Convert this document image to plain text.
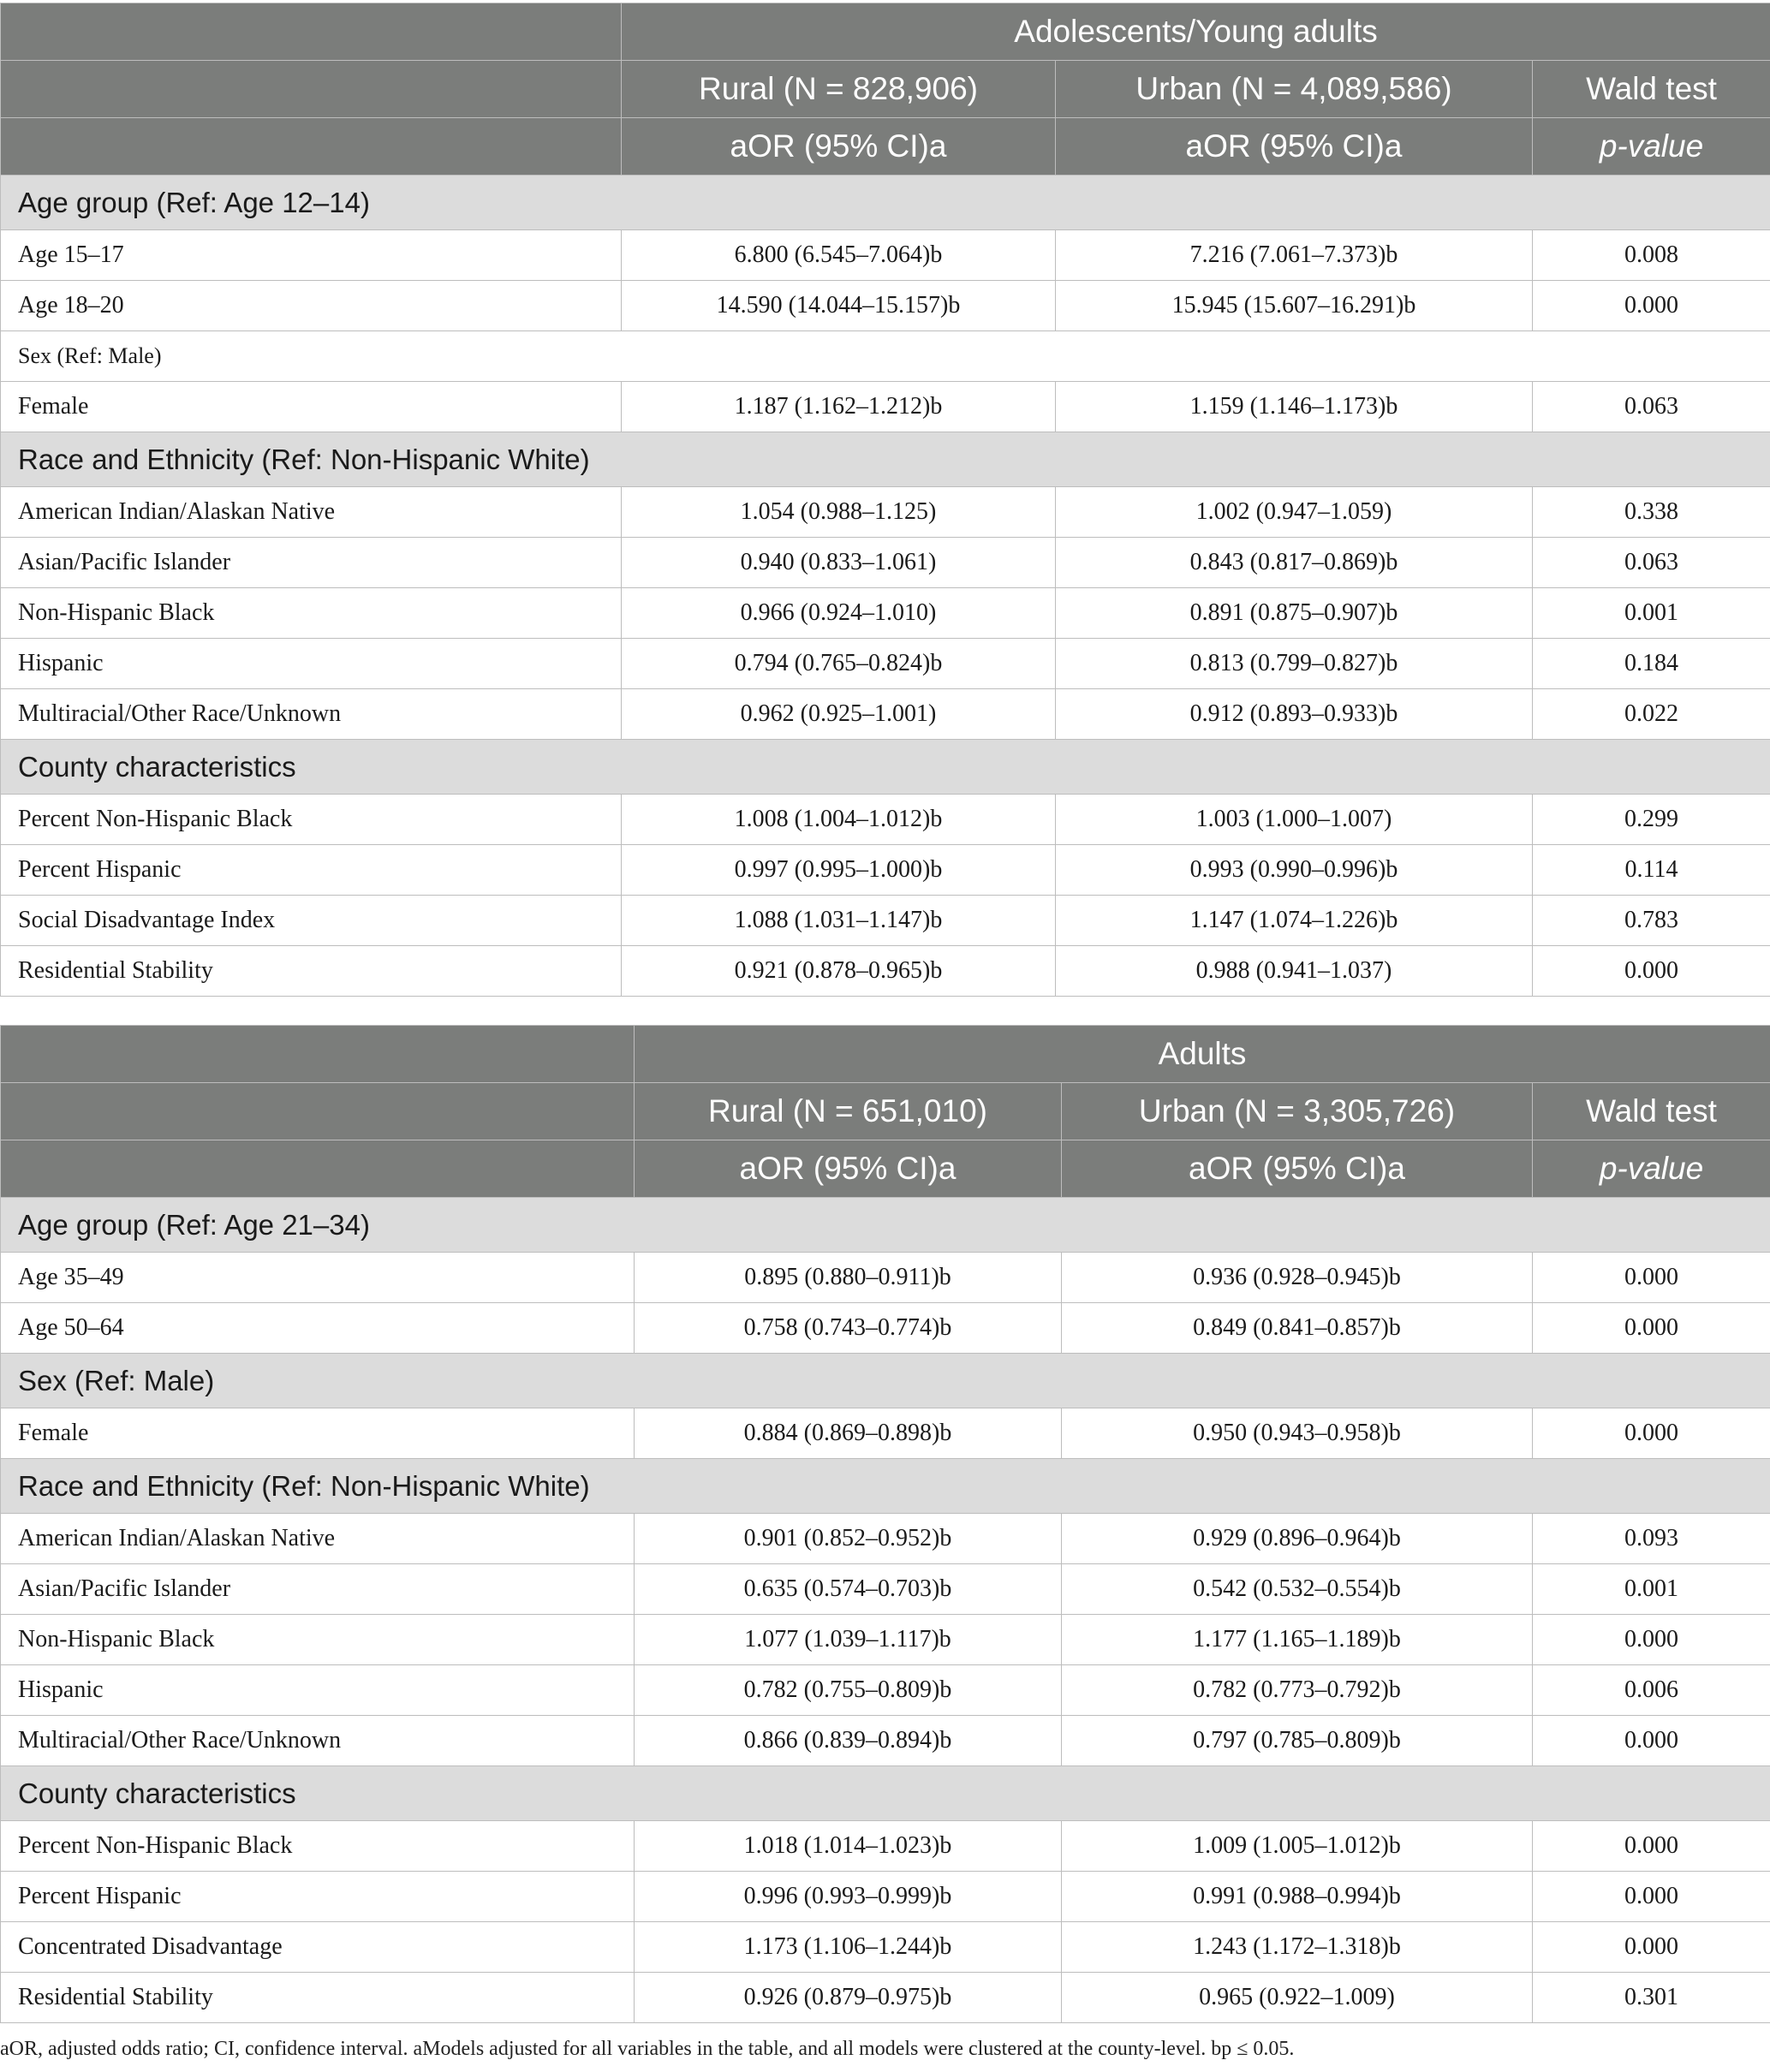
	Adolescents/Young adults		
	Rural (N = 828,906)	Urban (N = 4,089,586)	Wald test
	aOR (95% CI)a	aOR (95% CI)a	p-value
Age group (Ref: Age 12–14)			
Age 15–17	6.800 (6.545–7.064)b	7.216 (7.061–7.373)b	0.008
Age 18–20	14.590 (14.044–15.157)b	15.945 (15.607–16.291)b	0.000
Sex (Ref: Male)			
Female	1.187 (1.162–1.212)b	1.159 (1.146–1.173)b	0.063
Race and Ethnicity (Ref: Non-Hispanic White)			
American Indian/Alaskan Native	1.054 (0.988–1.125)	1.002 (0.947–1.059)	0.338
Asian/Pacific Islander	0.940 (0.833–1.061)	0.843 (0.817–0.869)b	0.063
Non-Hispanic Black	0.966 (0.924–1.010)	0.891 (0.875–0.907)b	0.001
Hispanic	0.794 (0.765–0.824)b	0.813 (0.799–0.827)b	0.184
Multiracial/Other Race/Unknown	0.962 (0.925–1.001)	0.912 (0.893–0.933)b	0.022
County characteristics			
Percent Non-Hispanic Black	1.008 (1.004–1.012)b	1.003 (1.000–1.007)	0.299
Percent Hispanic	0.997 (0.995–1.000)b	0.993 (0.990–0.996)b	0.114
Social Disadvantage Index	1.088 (1.031–1.147)b	1.147 (1.074–1.226)b	0.783
Residential Stability	0.921 (0.878–0.965)b	0.988 (0.941–1.037)	0.000
	Adults		
	Rural (N = 651,010)	Urban (N = 3,305,726)	Wald test
	aOR (95% CI)a	aOR (95% CI)a	p-value
Age group (Ref: Age 21–34)			
Age 35–49	0.895 (0.880–0.911)b	0.936 (0.928–0.945)b	0.000
Age 50–64	0.758 (0.743–0.774)b	0.849 (0.841–0.857)b	0.000
Sex (Ref: Male)			
Female	0.884 (0.869–0.898)b	0.950 (0.943–0.958)b	0.000
Race and Ethnicity (Ref: Non-Hispanic White)			
American Indian/Alaskan Native	0.901 (0.852–0.952)b	0.929 (0.896–0.964)b	0.093
Asian/Pacific Islander	0.635 (0.574–0.703)b	0.542 (0.532–0.554)b	0.001
Non-Hispanic Black	1.077 (1.039–1.117)b	1.177 (1.165–1.189)b	0.000
Hispanic	0.782 (0.755–0.809)b	0.782 (0.773–0.792)b	0.006
Multiracial/Other Race/Unknown	0.866 (0.839–0.894)b	0.797 (0.785–0.809)b	0.000
County characteristics			
Percent Non-Hispanic Black	1.018 (1.014–1.023)b	1.009 (1.005–1.012)b	0.000
Percent Hispanic	0.996 (0.993–0.999)b	0.991 (0.988–0.994)b	0.000
Concentrated Disadvantage	1.173 (1.106–1.244)b	1.243 (1.172–1.318)b	0.000
Residential Stability	0.926 (0.879–0.975)b	0.965 (0.922–1.009)	0.301
aOR, adjusted odds ratio; CI, confidence interval. aModels adjusted for all variables in the table, and all models were clustered at the county-level. bp ≤ 0.05.
